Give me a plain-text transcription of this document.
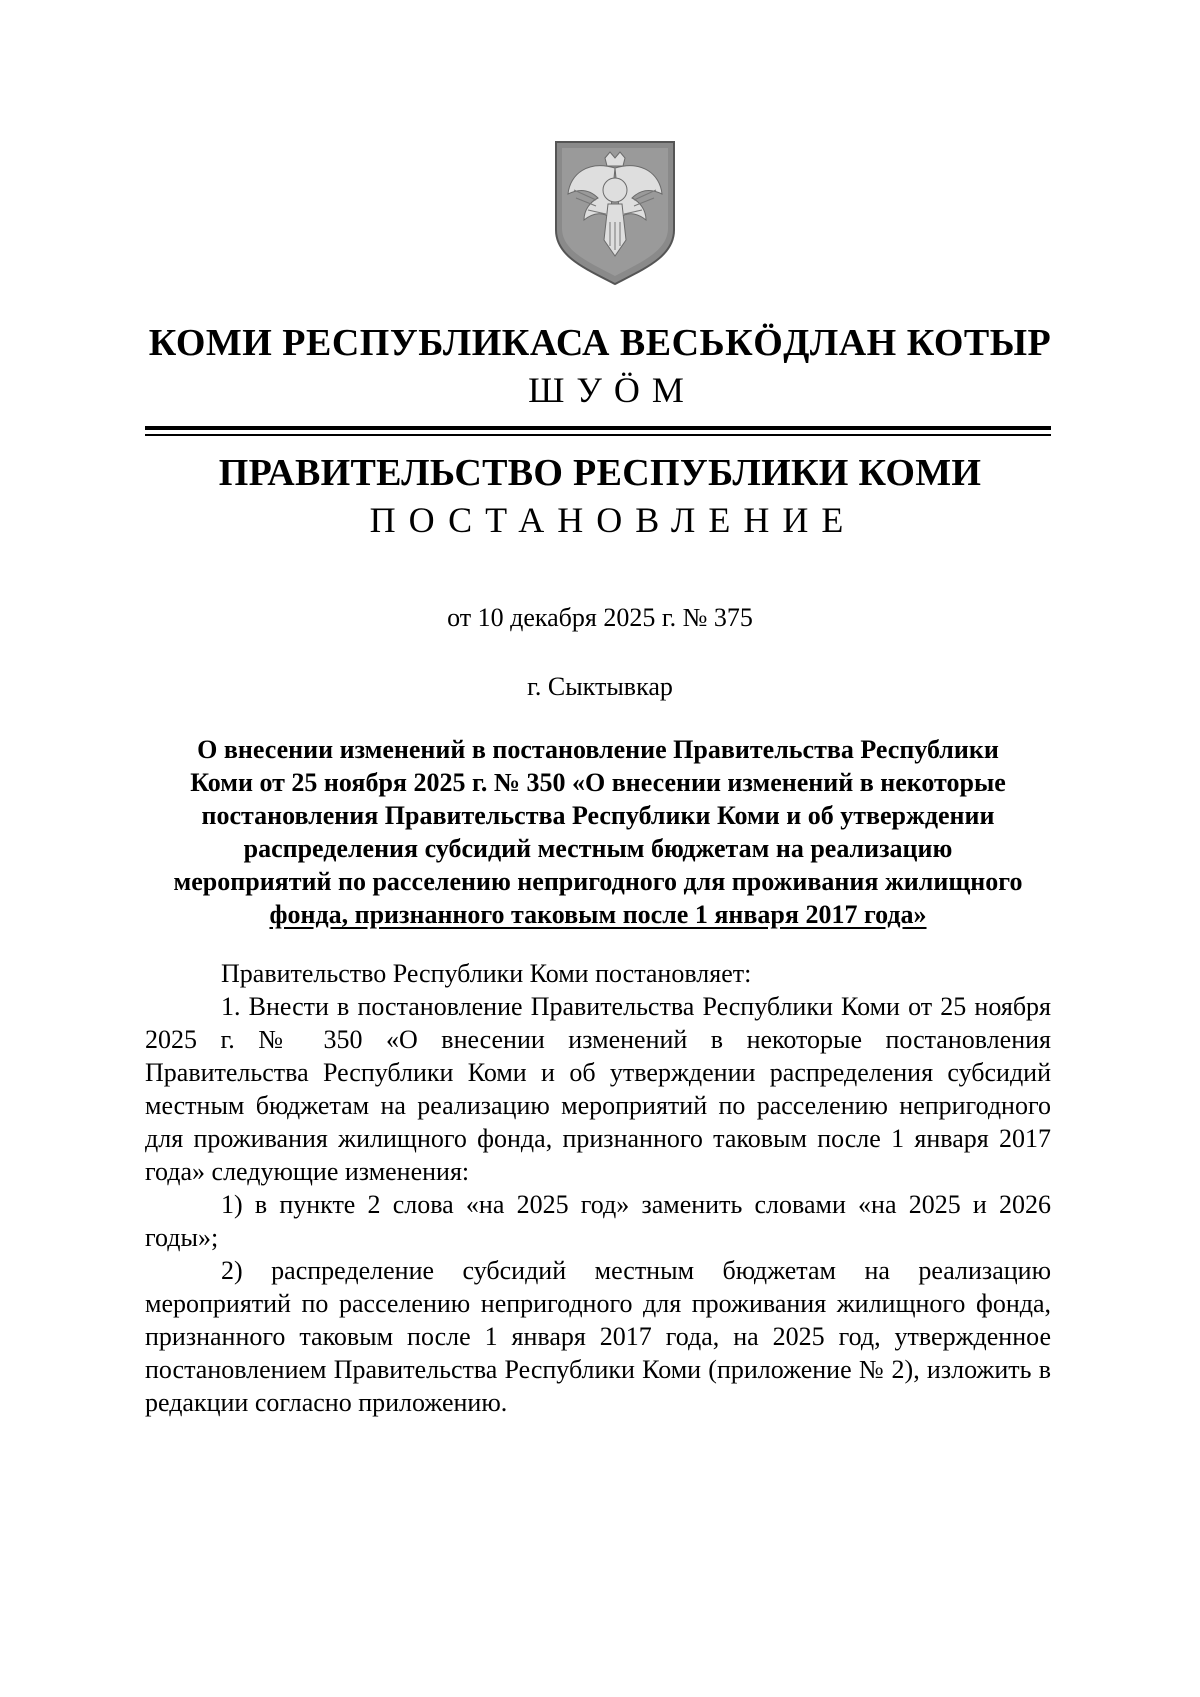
КОМИ РЕСПУБЛИКАСА ВЕСЬКӦДЛАН КОТЫР
ШУӦМ
ПРАВИТЕЛЬСТВО РЕСПУБЛИКИ КОМИ
ПОСТАНОВЛЕНИЕ
от 10 декабря 2025 г. № 375
г. Сыктывкар
О внесении изменений в постановление Правительства Республики
Коми от 25 ноября 2025 г. № 350 «О внесении изменений в некоторые
постановления Правительства Республики Коми и об утверждении
распределения субсидий местным бюджетам на реализацию
мероприятий по расселению непригодного для проживания жилищного
фонда, признанного таковым после 1 января 2017 года»

Правительство Республики Коми постановляет:

1. Внести в постановление Правительства Республики Коми от 25 ноября 2025 г. № 350 «О внесении изменений в некоторые постановления Правительства Республики Коми и об утверждении распределения субсидий местным бюджетам на реализацию мероприятий по расселению непригодного для проживания жилищного фонда, признанного таковым после 1 января 2017 года» следующие изменения:

1) в пункте 2 слова «на 2025 год» заменить словами «на 2025 и 2026 годы»;

2) распределение субсидий местным бюджетам на реализацию мероприятий по расселению непригодного для проживания жилищного фонда, признанного таковым после 1 января 2017 года, на 2025 год, утвержденное постановлением Правительства Республики Коми (приложение № 2), изложить в редакции согласно приложению.
